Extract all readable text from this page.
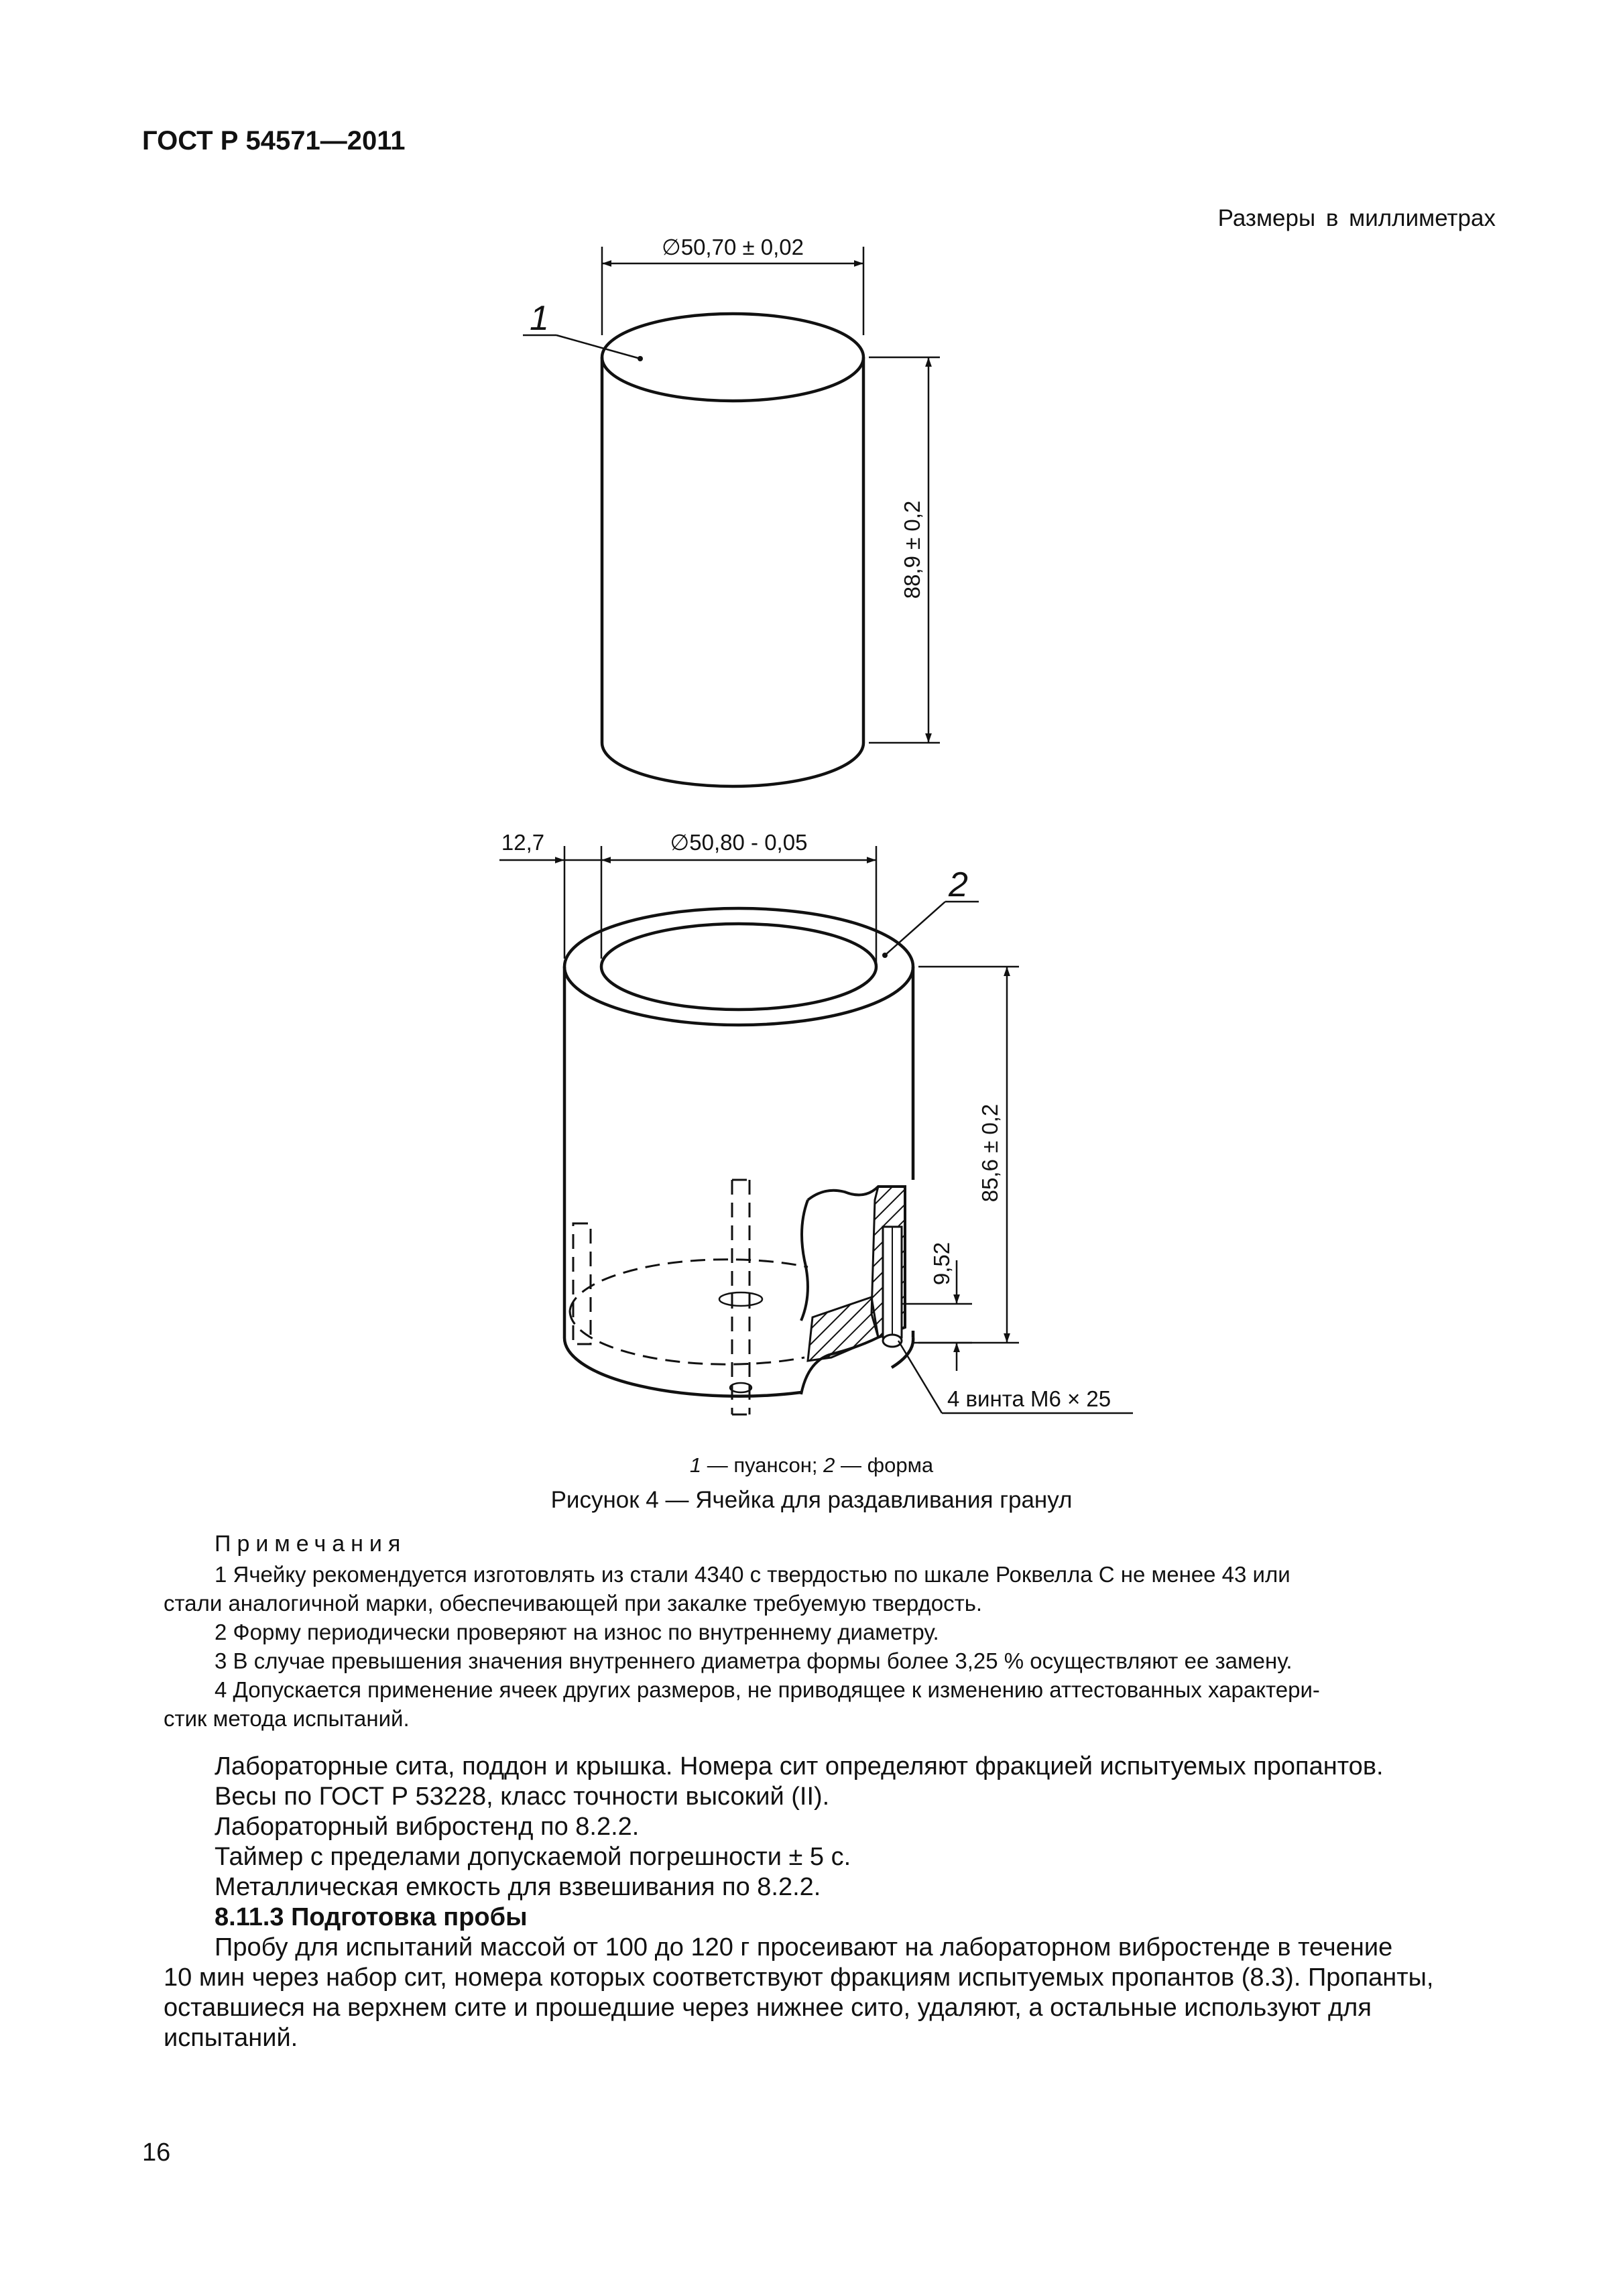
ГОСТ Р 54571—2011
Размеры в миллиметрах
∅50,70 ± 0,02
88,9 ± 0,2
1
12,7	∅50,80 - 0,05
2
85,6 ± 0,2
9,52
4 винта М6 × 25
1 — пуансон; 2 — форма
Рисунок 4 — Ячейка для раздавливания гранул
Примечания
1 Ячейку рекомендуется изготовлять из стали 4340 с твердостью по шкале Роквелла С не менее 43 или
стали аналогичной марки, обеспечивающей при закалке требуемую твердость.
2 Форму периодически проверяют на износ по внутреннему диаметру.
3 В случае превышения значения внутреннего диаметра формы более 3,25 % осуществляют ее замену.
4 Допускается применение ячеек других размеров, не приводящее к изменению аттестованных характери-
стик метода испытаний.
Лабораторные сита, поддон и крышка. Номера сит определяют фракцией испытуемых пропантов.
Весы по ГОСТ Р 53228, класс точности высокий (II).
Лабораторный вибростенд по 8.2.2.
Таймер с пределами допускаемой погрешности ± 5 с.
Металлическая емкость для взвешивания по 8.2.2.
8.11.3 Подготовка пробы
Пробу для испытаний массой от 100 до 120 г просеивают на лабораторном вибростенде в течение
10 мин через набор сит, номера которых соответствуют фракциям испытуемых пропантов (8.3). Пропанты,
оставшиеся на верхнем сите и прошедшие через нижнее сито, удаляют, а остальные используют для
испытаний.
16
